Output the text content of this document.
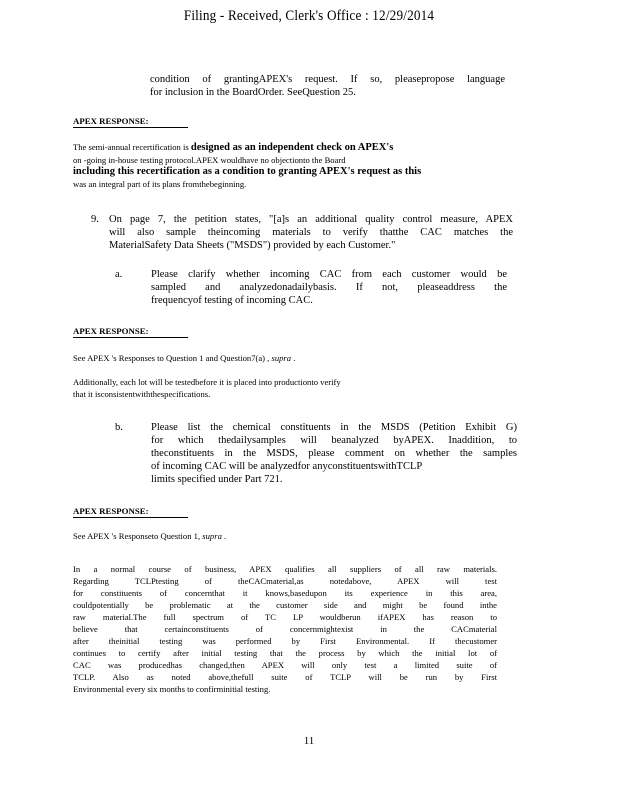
Filing - Received, Clerk's Office : 12/29/2014
condition of grantingAPEX's request. If so, pleasepropose language
for inclusion in the BoardOrder. SeeQuestion 25.
APEX RESPONSE:
The semi-annual recertification is designed as an independent check on APEX's
on -going in-house testing protocol.APEX wouldhave no objectionto the Board
including this recertification as a condition to granting APEX's request as this
was an integral part of its plans fromthebeginning.
9. On page 7, the petition states, "[a]s an additional quality control measure, APEX
will also sample theincoming materials to verify thatthe CAC matches the
MaterialSafety Data Sheets ("MSDS") provided by each Customer."
a.	Please clarify whether incoming CAC from each customer would be
sampled and analyzedonadailybasis. If not, pleaseaddress the
frequencyof testing of incoming CAC.
APEX RESPONSE:
See APEX 's Responses to Question 1 and Question7(a) , supra .
Additionally, each lot will be testedbefore it is placed into productionto verify
that it isconsistentwiththespecifications.
b.	Please list the chemical constituents in the MSDS (Petition Exhibit G)
for which thedailysamples will beanalyzed byAPEX. Inaddition, to
theconstituents in the MSDS, please comment on whether the samples
of incoming CAC will be analyzedfor anyconstituentswithTCLP
limits specified under Part 721.
APEX RESPONSE:
See APEX 's Responseto Question 1, supra .
In a normal course of business, APEX qualifies all suppliers of all raw materials.
Regarding TCLPtesting of theCACmaterial,as notedabove, APEX will test
for constituents of concernthat it knows,basedupon its experience in this area,
couldpotentially be problematic at the customer side and might be found inthe
raw material.The full spectrum of TC LP wouldberun ifAPEX has reason to
believe that certainconstituents of concernmightexist in the CACmaterial
after theinitial testing was performed by First Environmental. If thecustomer
continues to certify after initial testing that the process by which the initial lot of
CAC was producedhas changed,then APEX will only test a limited suite of
TCLP. Also as noted above,thefull suite of TCLP will be run by First
Environmental every six months to confirminitial testing.
11
